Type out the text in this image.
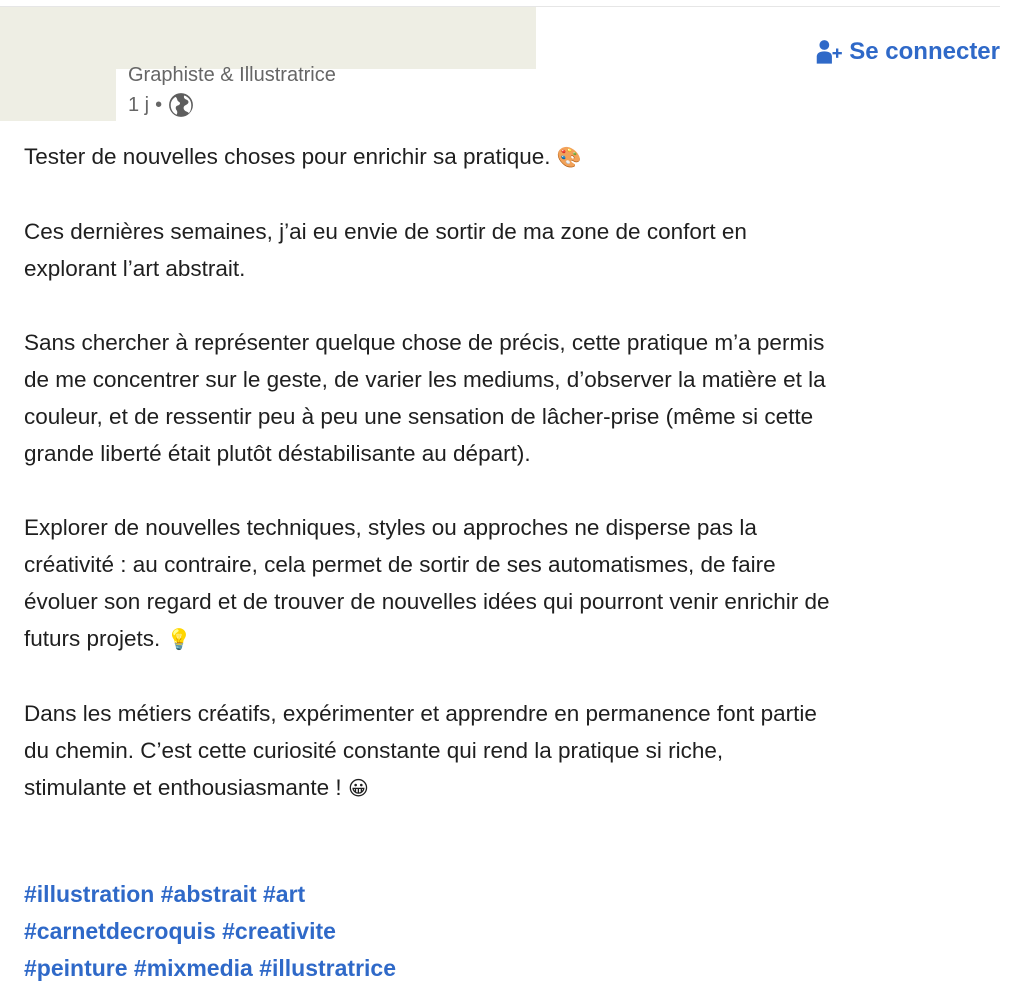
Graphiste & Illustratrice
1 j •
Se connecter

Tester de nouvelles choses pour enrichir sa pratique. 🎨

Ces dernières semaines, j’ai eu envie de sortir de ma zone de confort en
explorant l’art abstrait.

Sans chercher à représenter quelque chose de précis, cette pratique m’a permis
de me concentrer sur le geste, de varier les mediums, d’observer la matière et la
couleur, et de ressentir peu à peu une sensation de lâcher-prise (même si cette
grande liberté était plutôt déstabilisante au départ).

Explorer de nouvelles techniques, styles ou approches ne disperse pas la
créativité : au contraire, cela permet de sortir de ses automatismes, de faire
évoluer son regard et de trouver de nouvelles idées qui pourront venir enrichir de
futurs projets. 💡

Dans les métiers créatifs, expérimenter et apprendre en permanence font partie
du chemin. C’est cette curiosité constante qui rend la pratique si riche,
stimulante et enthousiasmante ! 😀

#illustration #abstrait #art
#carnetdecroquis #creativite
#peinture #mixmedia #illustratrice
